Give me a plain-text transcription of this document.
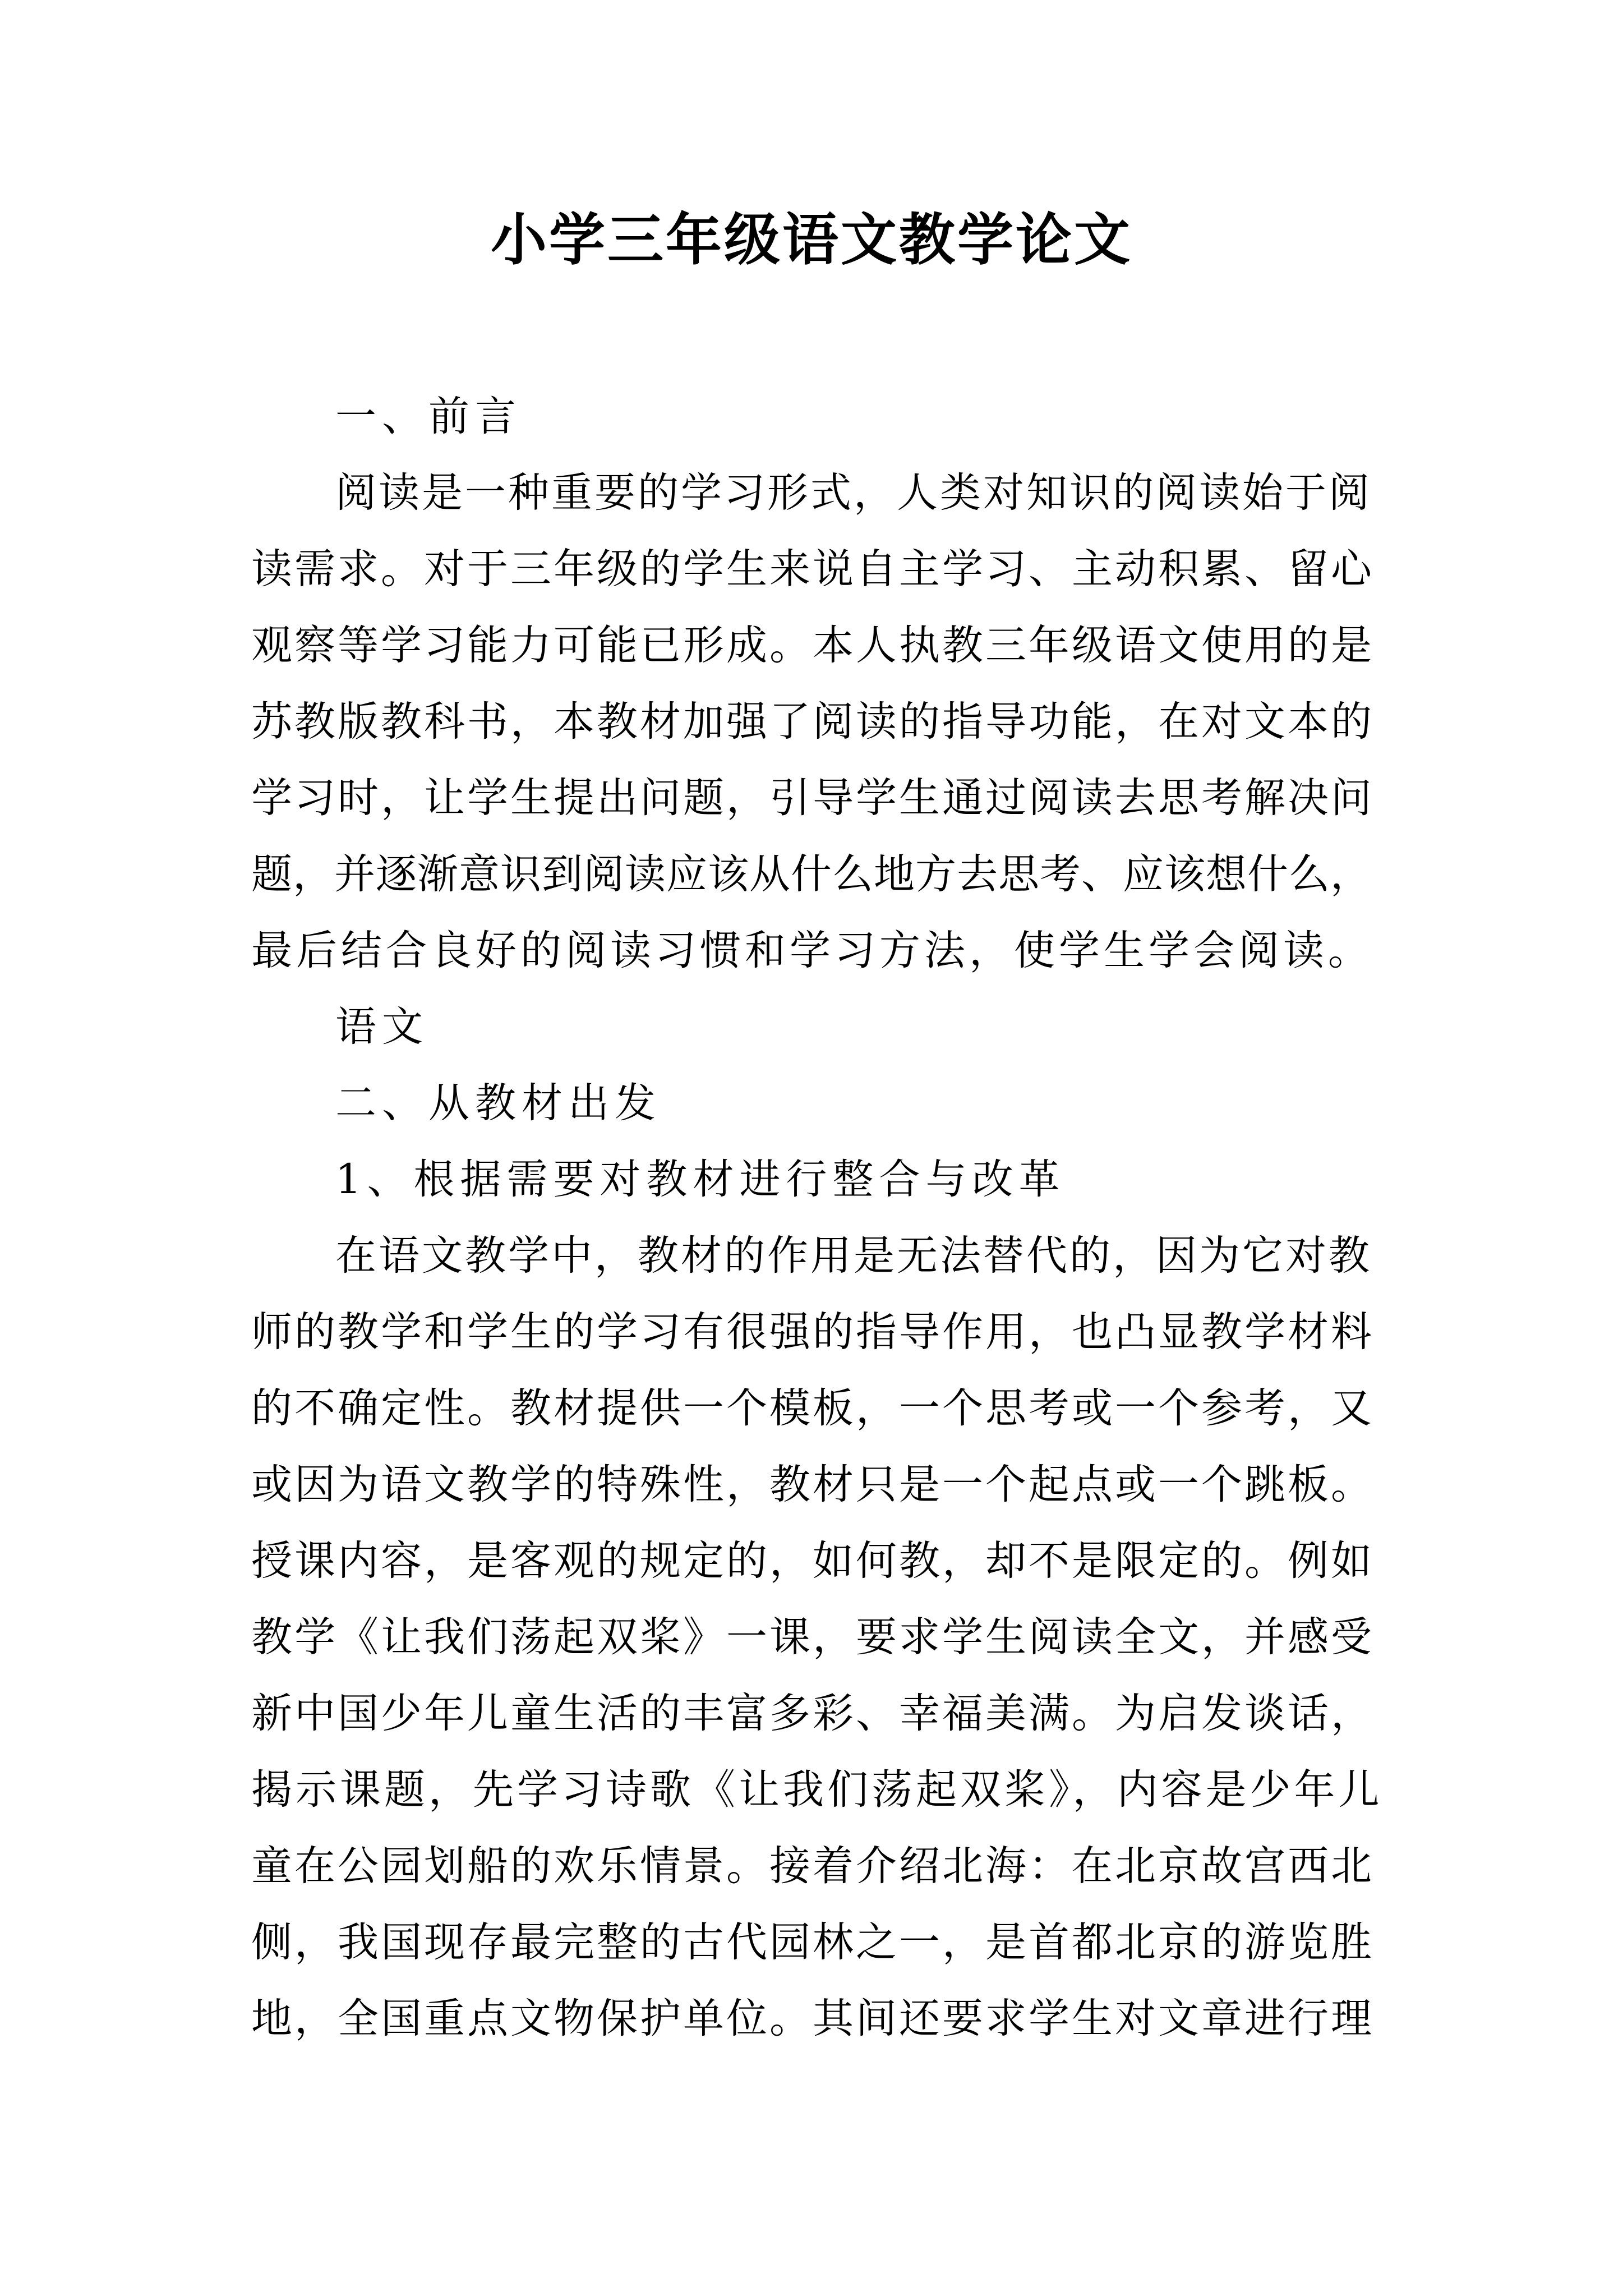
小学三年级语文教学论文
一、前言
阅读是一种重要的学习形式，人类对知识的阅读始于阅
读需求。对于三年级的学生来说自主学习、主动积累、留心
观察等学习能力可能已形成。本人执教三年级语文使用的是
苏教版教科书，本教材加强了阅读的指导功能，在对文本的
学习时，让学生提出问题，引导学生通过阅读去思考解决问
题，并逐渐意识到阅读应该从什么地方去思考、应该想什么，
最后结合良好的阅读习惯和学习方法，使学生学会阅读。
语文
二、从教材出发
1、根据需要对教材进行整合与改革
在语文教学中，教材的作用是无法替代的，因为它对教
师的教学和学生的学习有很强的指导作用，也凸显教学材料
的不确定性。教材提供一个模板，一个思考或一个参考，又
或因为语文教学的特殊性，教材只是一个起点或一个跳板。
授课内容，是客观的规定的，如何教，却不是限定的。例如
教学《让我们荡起双桨》一课，要求学生阅读全文，并感受
新中国少年儿童生活的丰富多彩、幸福美满。为启发谈话，
揭示课题，先学习诗歌《让我们荡起双桨》，内容是少年儿
童在公园划船的欢乐情景。接着介绍北海：在北京故宫西北
侧，我国现存最完整的古代园林之一，是首都北京的游览胜
地，全国重点文物保护单位。其间还要求学生对文章进行理
